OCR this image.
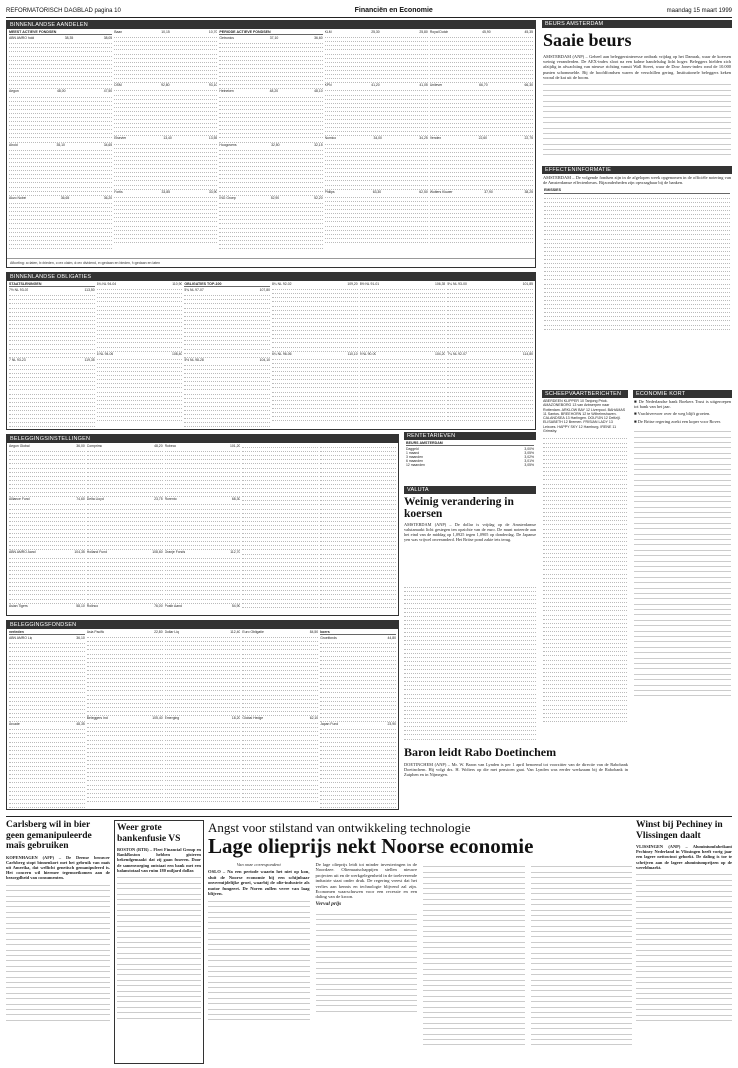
REFORMATORISCH DAGBLAD pagina 10	Financiën en Economie	maandag 15 maart 1999
BINNENLANDSE AANDELEN
MEEST ACTIEVE FONDSEN
ABN AMRO hold	38,35	38,05
Aegon	48,00	47,50
Ahold	35,10	34,65
Akzo Nobel	36,65	36,20
Baan	10,15	10,70
DSM	92,80	93,10
Elsevier	13,40	13,55
Fortis	33,85	33,90
PERIODE ACTIEVE FONDSEN
Getronics	37,10	36,60
Heineken	48,20	48,10
Hoogovens	32,50	32,15
ING Groep	52,90	52,20
KLM	25,30	25,80
KPN	41,20	41,05
Numico	34,00	34,25
Philips	63,30	62,50
Royal Dutch	45,90	45,35
Unilever	66,70	66,30
Vendex	22,60	22,75
Wolters Kluwer	37,90	38,25
Afkorting: a=laten, b=bieden, c=ex claim, d=ex dividend, e=gedaan en bieden, f=gedaan en laten
BEURS AMSTERDAM
Saaie beurs
AMSTERDAM (ANP) – Geheel aan beleggersinteresse ontbrak vrijdag op het Damrak, waar de koersen weinig veranderden. De AEX-index sloot na een kalme handelsdag licht hoger. Beleggers hielden zich afzijdig in afwachting van nieuwe richting vanuit Wall Street, waar de Dow Jones-index rond de 10.000 punten schommelde. Bij de hoofdfondsen waren de verschillen gering. Institutionele beleggers keken vooral de kat uit de boom.
EFFECTENINFORMATIE
AMSTERDAM – De volgende fondsen zijn in de afgelopen week opgenomen in de officiële notering van de Amsterdamse effectenbeurs. Bijzonderheden zijn opvraagbaar bij de banken.
EMISSIES
ECONOMIE KORT
■ De Nederlandse bank Boekers Trust is uitgeroepen tot bank van het jaar.
■ Vrachtvervoer over de weg blijft groeien.
■ De Britse regering zoekt een koper voor Rover.
SCHEEPVAARTBERICHTEN
ABERDEEN KLIPPER 10 Tanjong Priok. AMAZONEBORG 13 van Antwerpen naar Rotterdam. ARKLOW BAY 12 Liverpool. BAHAMAS 11 Santos. BREEHORN 12 te Wilhelmshaven. CALANDSEA 13 Harlingen. DOLFIJN 12 Delfzijl. ELISABETH 12 Bremen. FRISIAN LADY 13 Leixoes. HAPPY SKY 12 Hamburg. IRENE 11 Grimsby.
BINNENLANDSE OBLIGATIES
STAATSLENINGEN
7½ NL 93-03	113,50
7 NL 93-23	119,35
6¾ NL 94-04	110,90
6 NL 94-06	108,40
OBLIGATIES TOP-100
5¾ NL 97-07	107,80
5½ NL 98-28	104,10
8¼ NL 92-02	109,20
6¼ NL 96-06	110,10
8½ NL 91-01	106,35
9 NL 90-00	104,20
5¼ NL 93-00	101,85
7¼ NL 92-07	114,80
RENTETARIEVEN
BEURS AMSTERDAM
Daggeld	3,00%
1 maand	3,05%
3 maanden	3,02%
6 maanden	3,01%
12 maanden	3,05%
BELEGGINGSINSTELLINGEN
Aegon Global	36,00
Alliance Fund	74,60
ABN AMRO Aand	104,35
Asian Tigers	58,10
Comprimo	48,20
Delta Lloyd	23,75
Holland Fund	108,60
Rolinco	76,00
Robeco	101,20
Rorento	68,30
Oranje Fonds	112,70
Postb Aand	54,90
VALUTA
Weinig verandering in koersen
AMSTERDAM (ANP) – De dollar is vrijdag op de Amsterdamse valutamarkt licht gestegen ten opzichte van de euro. De munt noteerde aan het eind van de middag op 1,0925 tegen 1,0905 op donderdag. De Japanse yen was vrijwel onveranderd. Het Britse pond zakte iets terug.
BELEGGINGSFONDSEN
verleden
ABN AMRO Liq	36,10
Arcade	48,35
Asia Pacific	22,80
Beleggers Ind	105,40
Dollar Liq	112,40
Emerging	18,20
Euro Obligatie	84,50
Global Hedge	62,10
koers
Groeifonds	44,80
Japan Fund	23,90
Baron leidt Rabo Doetinchem
DOETINCHEM (ANP) – Mr. W. Baron van Lynden is per 1 april benoemd tot voorzitter van de directie van de Rabobank Doetinchem. Hij volgt drs. H. Wolters op die met pensioen gaat. Van Lynden was eerder werkzaam bij de Rabobank in Zutphen en in Nijmegen.
Carlsberg wil in bier geen gemanipuleerde maïs gebruiken
KOPENHAGEN (AFP) – De Deense brouwer Carlsberg stopt binnenkort met het gebruik van maïs uit Amerika, dat wellicht genetisch gemanipuleerd is. Het concern wil hiermee tegemoetkomen aan de bezorgdheid van consumenten.
Weer grote bankenfusie VS
BOSTON (RTR) – Fleet Financial Group en BankBoston hebben gisteren bekendgemaakt dat zij gaan fuseren. Door de samenvoeging ontstaat een bank met een balanstotaal van ruim 180 miljard dollar.
Angst voor stilstand van ontwikkeling technologie
Lage olieprijs nekt Noorse economie
Van onze correspondent
OSLO – Na een periode waarin het niet op kon, sluit de Noorse economie bij een schijnbaar onvermijdelijke groei, waarbij de olie-industrie als motor fungeert. De Noren zullen verre van laag blijven.
De lage olieprijs leidt tot minder investeringen in de Noordzee. Oliemaatschappijen stellen nieuwe projecten uit en de werkgelegenheid in de toeleverende industrie staat onder druk. De regering vreest dat het verlies aan kennis en technologie blijvend zal zijn. Economen waarschuwen voor een recessie en een daling van de kroon.
Verval prijs
Winst bij Pechiney in Vlissingen daalt
VLISSINGEN (ANP) – Aluminiumfabrikant Pechiney Nederland in Vlissingen heeft vorig jaar een lagere nettowinst geboekt. De daling is toe te schrijven aan de lagere aluminiumprijzen op de wereldmarkt.
